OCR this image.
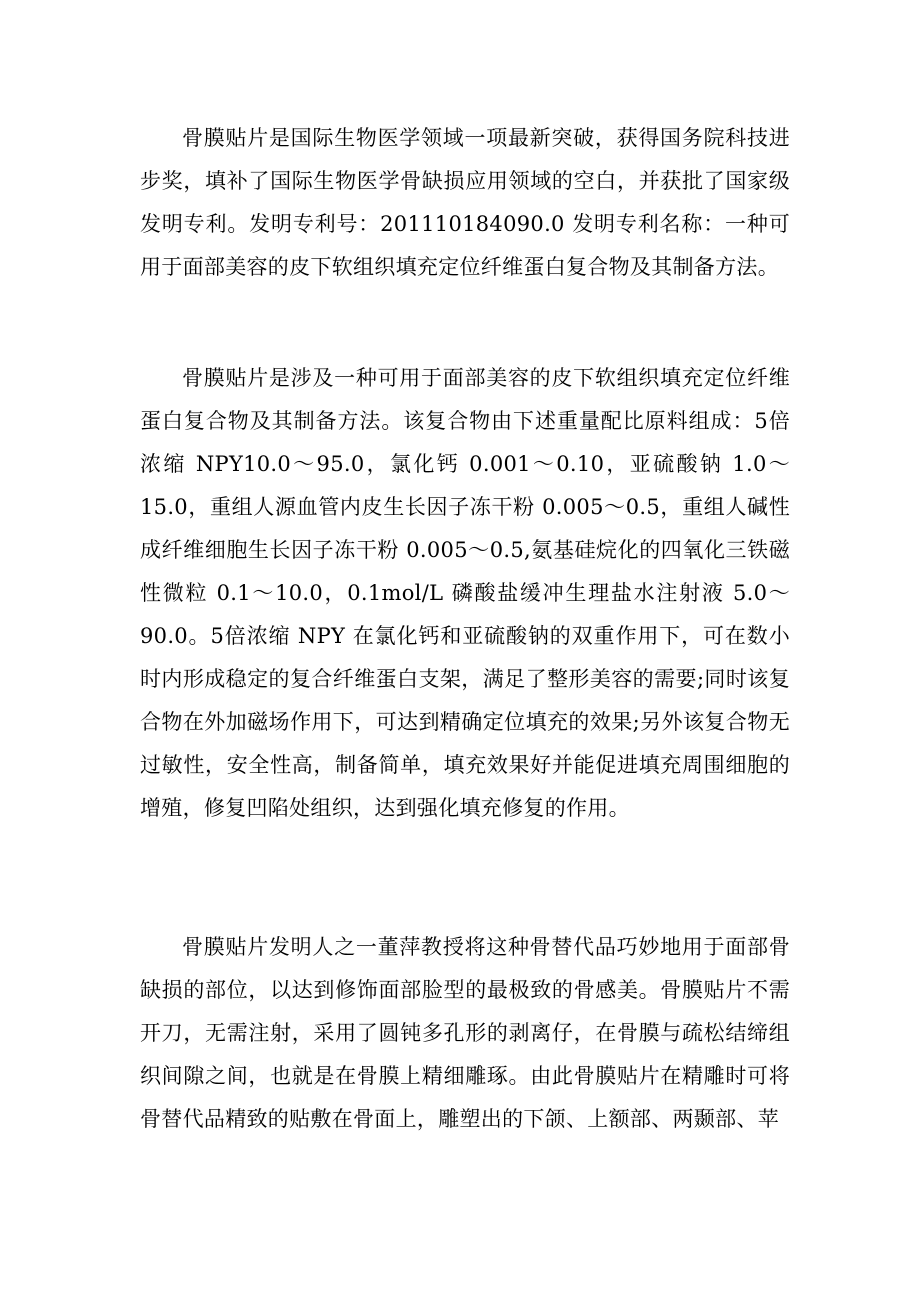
骨膜贴片是国际生物医学领域一项最新突破，获得国务院科技进步奖，填补了国际生物医学骨缺损应用领域的空白，并获批了国家级发明专利。发明专利号：201110184090.0 发明专利名称：一种可用于面部美容的皮下软组织填充定位纤维蛋白复合物及其制备方法。

骨膜贴片是涉及一种可用于面部美容的皮下软组织填充定位纤维蛋白复合物及其制备方法。该复合物由下述重量配比原料组成：5倍浓缩 NPY10.0～95.0，氯化钙 0.001～0.10，亚硫酸钠 1.0～15.0，重组人源血管内皮生长因子冻干粉 0.005～0.5，重组人碱性成纤维细胞生长因子冻干粉 0.005～0.5,氨基硅烷化的四氧化三铁磁性微粒 0.1～10.0，0.1mol/L 磷酸盐缓冲生理盐水注射液 5.0～90.0。5倍浓缩 NPY 在氯化钙和亚硫酸钠的双重作用下，可在数小时内形成稳定的复合纤维蛋白支架，满足了整形美容的需要;同时该复合物在外加磁场作用下，可达到精确定位填充的效果;另外该复合物无过敏性，安全性高，制备简单，填充效果好并能促进填充周围细胞的增殖，修复凹陷处组织，达到强化填充修复的作用。

骨膜贴片发明人之一董萍教授将这种骨替代品巧妙地用于面部骨缺损的部位，以达到修饰面部脸型的最极致的骨感美。骨膜贴片不需开刀，无需注射，采用了圆钝多孔形的剥离仔，在骨膜与疏松结缔组织间隙之间，也就是在骨膜上精细雕琢。由此骨膜贴片在精雕时可将骨替代品精致的贴敷在骨面上，雕塑出的下颌、上额部、两颞部、苹
